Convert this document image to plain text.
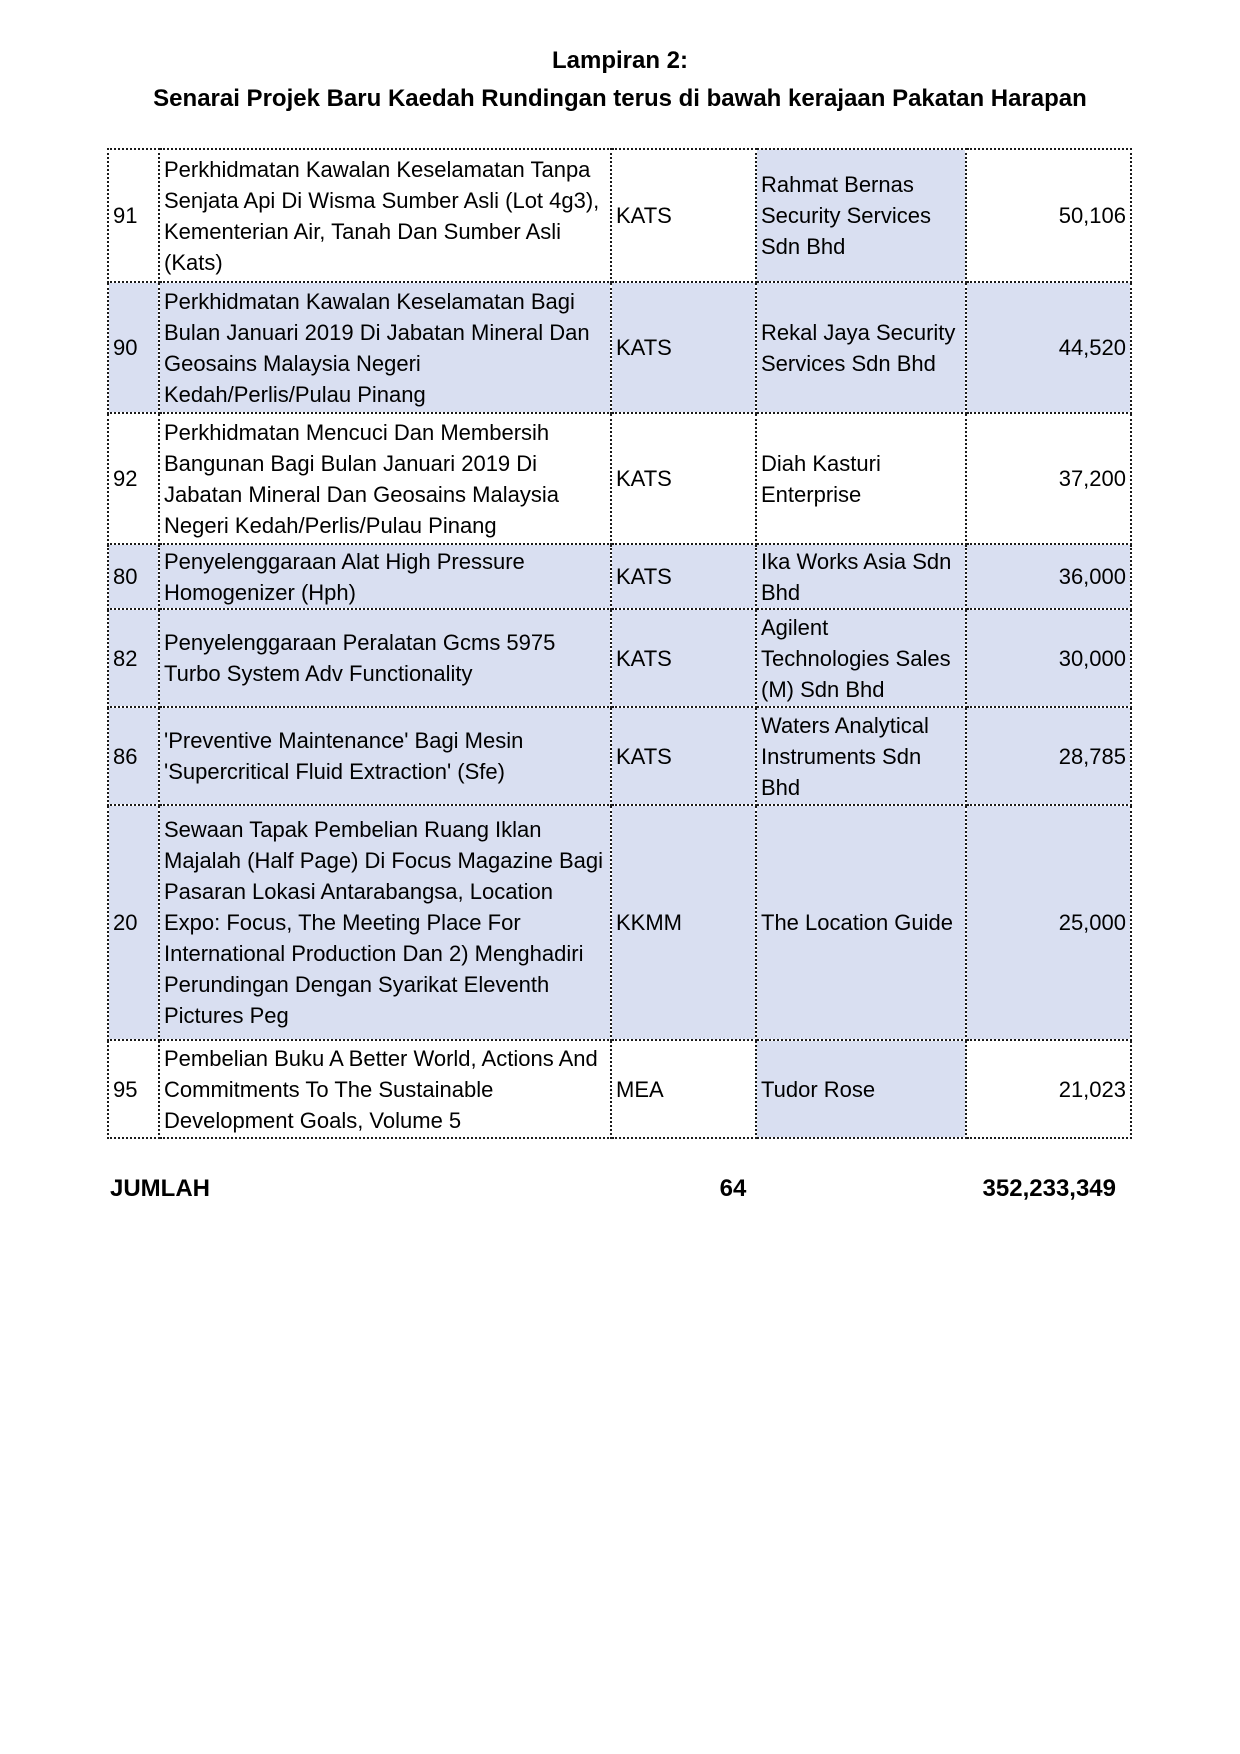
Lampiran 2:
Senarai Projek Baru Kaedah Rundingan terus di bawah kerajaan Pakatan Harapan
91	Perkhidmatan Kawalan Keselamatan Tanpa Senjata Api Di Wisma Sumber Asli (Lot 4g3), Kementerian Air, Tanah Dan Sumber Asli (Kats)	KATS	Rahmat Bernas Security Services Sdn Bhd	50,106
90	Perkhidmatan Kawalan Keselamatan Bagi Bulan Januari 2019 Di Jabatan Mineral Dan Geosains Malaysia Negeri Kedah/Perlis/Pulau Pinang	KATS	Rekal Jaya Security Services Sdn Bhd	44,520
92	Perkhidmatan Mencuci Dan Membersih Bangunan Bagi Bulan Januari 2019 Di Jabatan Mineral Dan Geosains Malaysia Negeri Kedah/Perlis/Pulau Pinang	KATS	Diah Kasturi Enterprise	37,200
80	Penyelenggaraan Alat High Pressure Homogenizer (Hph)	KATS	Ika Works Asia Sdn Bhd	36,000
82	Penyelenggaraan Peralatan Gcms 5975 Turbo System Adv Functionality	KATS	Agilent Technologies Sales (M) Sdn Bhd	30,000
86	'Preventive Maintenance' Bagi Mesin 'Supercritical Fluid Extraction' (Sfe)	KATS	Waters Analytical Instruments Sdn Bhd	28,785
20	Sewaan Tapak Pembelian Ruang Iklan Majalah (Half Page) Di Focus Magazine Bagi Pasaran Lokasi Antarabangsa, Location Expo: Focus, The Meeting Place For International Production Dan 2) Menghadiri Perundingan Dengan Syarikat Eleventh Pictures Peg	KKMM	The Location Guide	25,000
95	Pembelian Buku A Better World, Actions And Commitments To The Sustainable Development Goals, Volume 5	MEA	Tudor Rose	21,023
JUMLAH	64	352,233,349
